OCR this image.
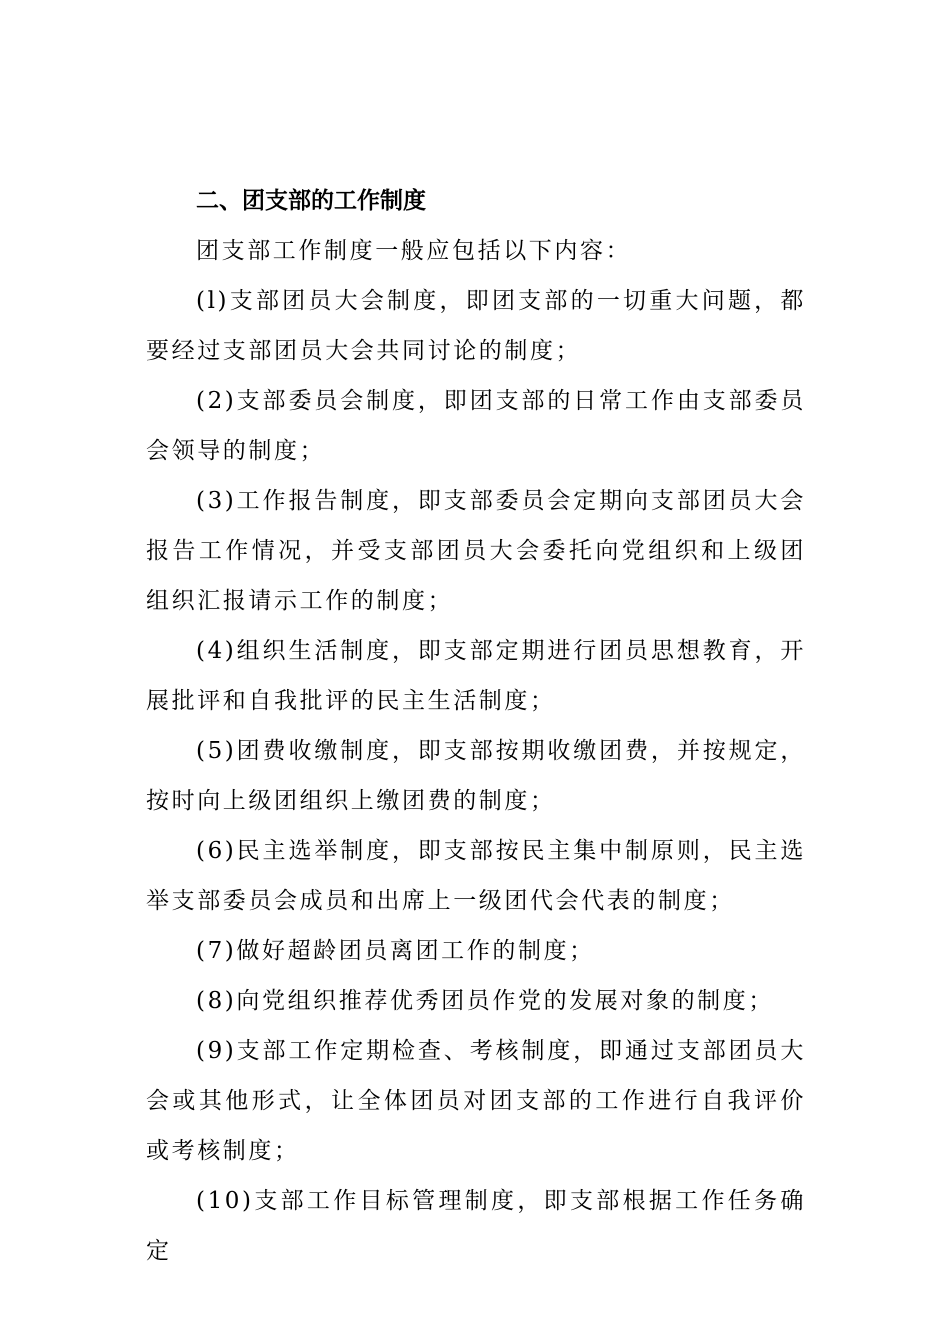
二、团支部的工作制度

团支部工作制度一般应包括以下内容：

(l)支部团员大会制度，即团支部的一切重大问题，都要经过支部团员大会共同讨论的制度；

(2)支部委员会制度，即团支部的日常工作由支部委员会领导的制度；

(3)工作报告制度，即支部委员会定期向支部团员大会报告工作情况，并受支部团员大会委托向党组织和上级团组织汇报请示工作的制度；

(4)组织生活制度，即支部定期进行团员思想教育，开展批评和自我批评的民主生活制度；

(5)团费收缴制度，即支部按期收缴团费，并按规定，按时向上级团组织上缴团费的制度；

(6)民主选举制度，即支部按民主集中制原则，民主选举支部委员会成员和出席上一级团代会代表的制度；

(7)做好超龄团员离团工作的制度；

(8)向党组织推荐优秀团员作党的发展对象的制度；

(9)支部工作定期检查、考核制度，即通过支部团员大会或其他形式，让全体团员对团支部的工作进行自我评价或考核制度；

(10)支部工作目标管理制度，即支部根据工作任务确定
